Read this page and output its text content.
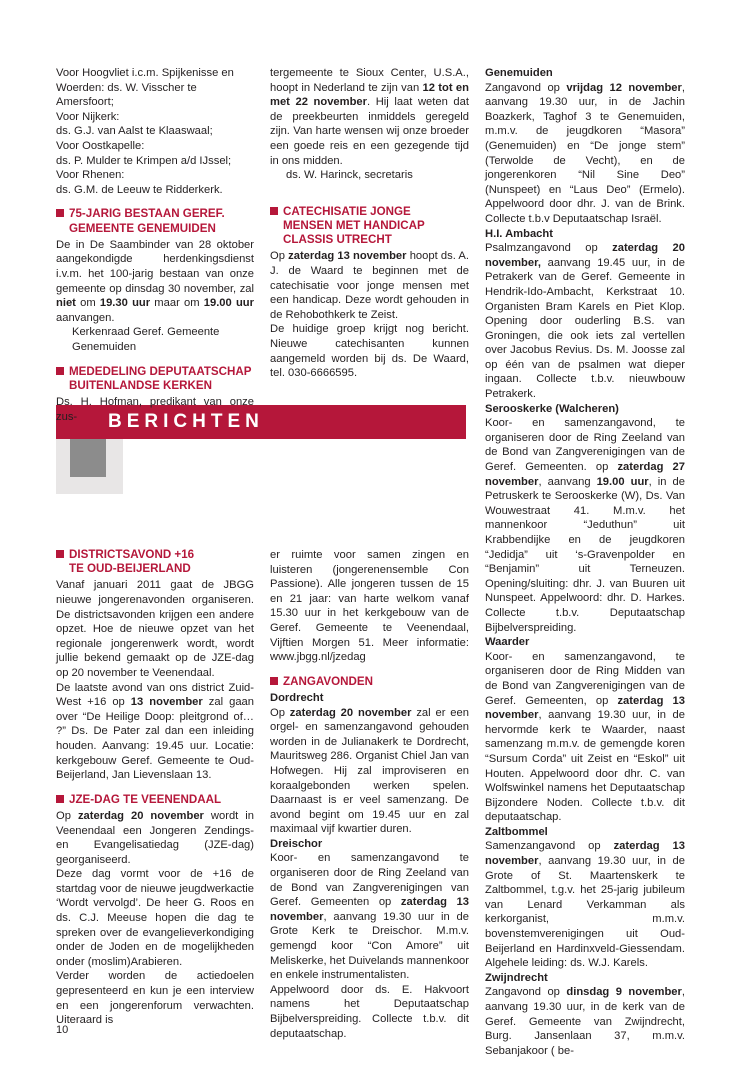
BERICHTEN

Voor Hoogvliet i.c.m. Spijkenisse en

Woerden: ds. W. Visscher te Amersfoort;

Voor Nijkerk:

ds. G.J. van Aalst te Klaaswaal;

Voor Oostkapelle:

ds. P. Mulder te Krimpen a/d IJssel;

Voor Rhenen:

ds. G.M. de Leeuw te Ridderkerk.

75-JARIG BESTAAN GEREF.
GEMEENTE GENEMUIDEN

De in De Saambinder van 28 oktober aangekondigde herdenkingsdienst i.v.m. het 100-jarig bestaan van onze gemeente op dinsdag 30 november, zal niet om 19.30 uur maar om 19.00 uur aanvangen.

Kerkenraad Geref. Gemeente

Genemuiden

MEDEDELING DEPUTAATSCHAP
BUITENLANDSE KERKEN

Ds. H. Hofman, predikant van onze zus-

tergemeente te Sioux Center, U.S.A., hoopt in Nederland te zijn van 12 tot en met 22 november. Hij laat weten dat de preekbeurten inmiddels geregeld zijn. Van harte wensen wij onze broeder een goede reis en een gezegende tijd in ons midden.

ds. W. Harinck, secretaris

CATECHISATIE JONGE
MENSEN MET HANDICAP
CLASSIS UTRECHT

Op zaterdag 13 november hoopt ds. A. J. de Waard te beginnen met de catechisatie voor jonge mensen met een handicap. Deze wordt gehouden in de Rehobothkerk te Zeist.

De huidige groep krijgt nog bericht. Nieuwe catechisanten kunnen aangemeld worden bij ds. De Waard, tel. 030-6666595.

DISTRICTSAVOND +16
TE OUD-BEIJERLAND

Vanaf januari 2011 gaat de JBGG nieuwe jongerenavonden organiseren. De districtsavonden krijgen een andere opzet. Hoe de nieuwe opzet van het regionale jongerenwerk wordt, wordt jullie bekend gemaakt op de JZE-dag op 20 november te Veenendaal.

De laatste avond van ons district Zuid-West +16 op 13 november zal gaan over “De Heilige Doop: pleitgrond of… ?” Ds. De Pater zal dan een inleiding houden. Aanvang: 19.45 uur. Locatie: kerkgebouw Geref. Gemeente te Oud-Beijerland, Jan Lievenslaan 13.

JZE-DAG TE VEENENDAAL

Op zaterdag 20 november wordt in Veenendaal een Jongeren Zendings- en Evangelisatiedag (JZE-dag) georganiseerd.

Deze dag vormt voor de +16 de startdag voor de nieuwe jeugdwerkactie ‘Wordt vervolgd’. De heer G. Roos en ds. C.J. Meeuse hopen die dag te spreken over de evangelieverkondiging onder de Joden en de mogelijkheden onder (moslim)Arabieren.

Verder worden de actiedoelen gepresenteerd en kun je een interview en een jongerenforum verwachten. Uiteraard is

er ruimte voor samen zingen en luisteren (jongerenensemble Con Passione). Alle jongeren tussen de 15 en 21 jaar: van harte welkom vanaf 15.30 uur in het kerkgebouw van de Geref. Gemeente te Veenendaal, Vijftien Morgen 51. Meer informatie: www.jbgg.nl/jzedag

ZANGAVONDEN

Dordrecht

Op zaterdag 20 november zal er een orgel- en samenzangavond gehouden worden in de Julianakerk te Dordrecht, Mauritsweg 286. Organist Chiel Jan van Hofwegen. Hij zal improviseren en koraalgebonden werken spelen. Daarnaast is er veel samenzang. De avond begint om 19.45 uur en zal maximaal vijf kwartier duren.

Dreischor

Koor- en samenzangavond te organiseren door de Ring Zeeland van de Bond van Zangverenigingen van Geref. Gemeenten op zaterdag 13 november, aanvang 19.30 uur in de Grote Kerk te Dreischor. M.m.v. gemengd koor “Con Amore” uit Meliskerke, het Duivelands mannenkoor en enkele instrumentalisten.

Appelwoord door ds. E. Hakvoort namens het Deputaatschap Bijbelverspreiding. Collecte t.b.v. dit deputaatschap.

Genemuiden

Zangavond op vrijdag 12 november, aanvang 19.30 uur, in de Jachin Boazkerk, Taghof 3 te Genemuiden, m.m.v. de jeugdkoren “Masora” (Genemuiden) en “De jonge stem” (Terwolde de Vecht), en de jongerenkoren “Nil Sine Deo” (Nunspeet) en “Laus Deo” (Ermelo). Appelwoord door dhr. J. van de Brink. Collecte t.b.v Deputaatschap Israël.

H.I. Ambacht

Psalmzangavond op zaterdag 20 november, aanvang 19.45 uur, in de Petrakerk van de Geref. Gemeente in Hendrik-Ido-Ambacht, Kerkstraat 10. Organisten Bram Karels en Piet Klop. Opening door ouderling B.S. van Groningen, die ook iets zal vertellen over Jacobus Revius. Ds. M. Joosse zal op één van de psalmen wat dieper ingaan. Collecte t.b.v. nieuwbouw Petrakerk.

Serooskerke (Walcheren)

Koor- en samenzangavond, te organiseren door de Ring Zeeland van de Bond van Zangverenigingen van de Geref. Gemeenten. op zaterdag 27 november, aanvang 19.00 uur, in de Petruskerk te Serooskerke (W), Ds. Van Wouwestraat 41. M.m.v. het mannenkoor “Jeduthun” uit Krabbendijke en de jeugdkoren “Jedidja” uit ‘s-Gravenpolder en “Benjamin” uit Terneuzen. Opening/sluiting: dhr. J. van Buuren uit Nunspeet. Appelwoord: dhr. D. Harkes. Collecte t.b.v. Deputaatschap Bijbelverspreiding.

Waarder

Koor- en samenzangavond, te organiseren door de Ring Midden van de Bond van Zangverenigingen van de Geref. Gemeenten, op zaterdag 13 november, aanvang 19.30 uur, in de hervormde kerk te Waarder, naast samenzang m.m.v. de gemengde koren “Sursum Corda” uit Zeist en “Eskol” uit Houten. Appelwoord door dhr. C. van Wolfswinkel namens het Deputaatschap Bijzondere Noden. Collecte t.b.v. dit deputaatschap.

Zaltbommel

Samenzangavond op zaterdag 13 november, aanvang 19.30 uur, in de Grote of St. Maartenskerk te Zaltbommel, t.g.v. het 25-jarig jubileum van Lenard Verkamman als kerkorganist, m.m.v. bovenstemverenigingen uit Oud-Beijerland en Hardinxveld-Giessendam. Algehele leiding: ds. W.J. Karels.

Zwijndrecht

Zangavond op dinsdag 9 november, aanvang 19.30 uur, in de kerk van de Geref. Gemeente van Zwijndrecht, Burg. Jansenlaan 37, m.m.v. Sebanjakoor ( be-

10
